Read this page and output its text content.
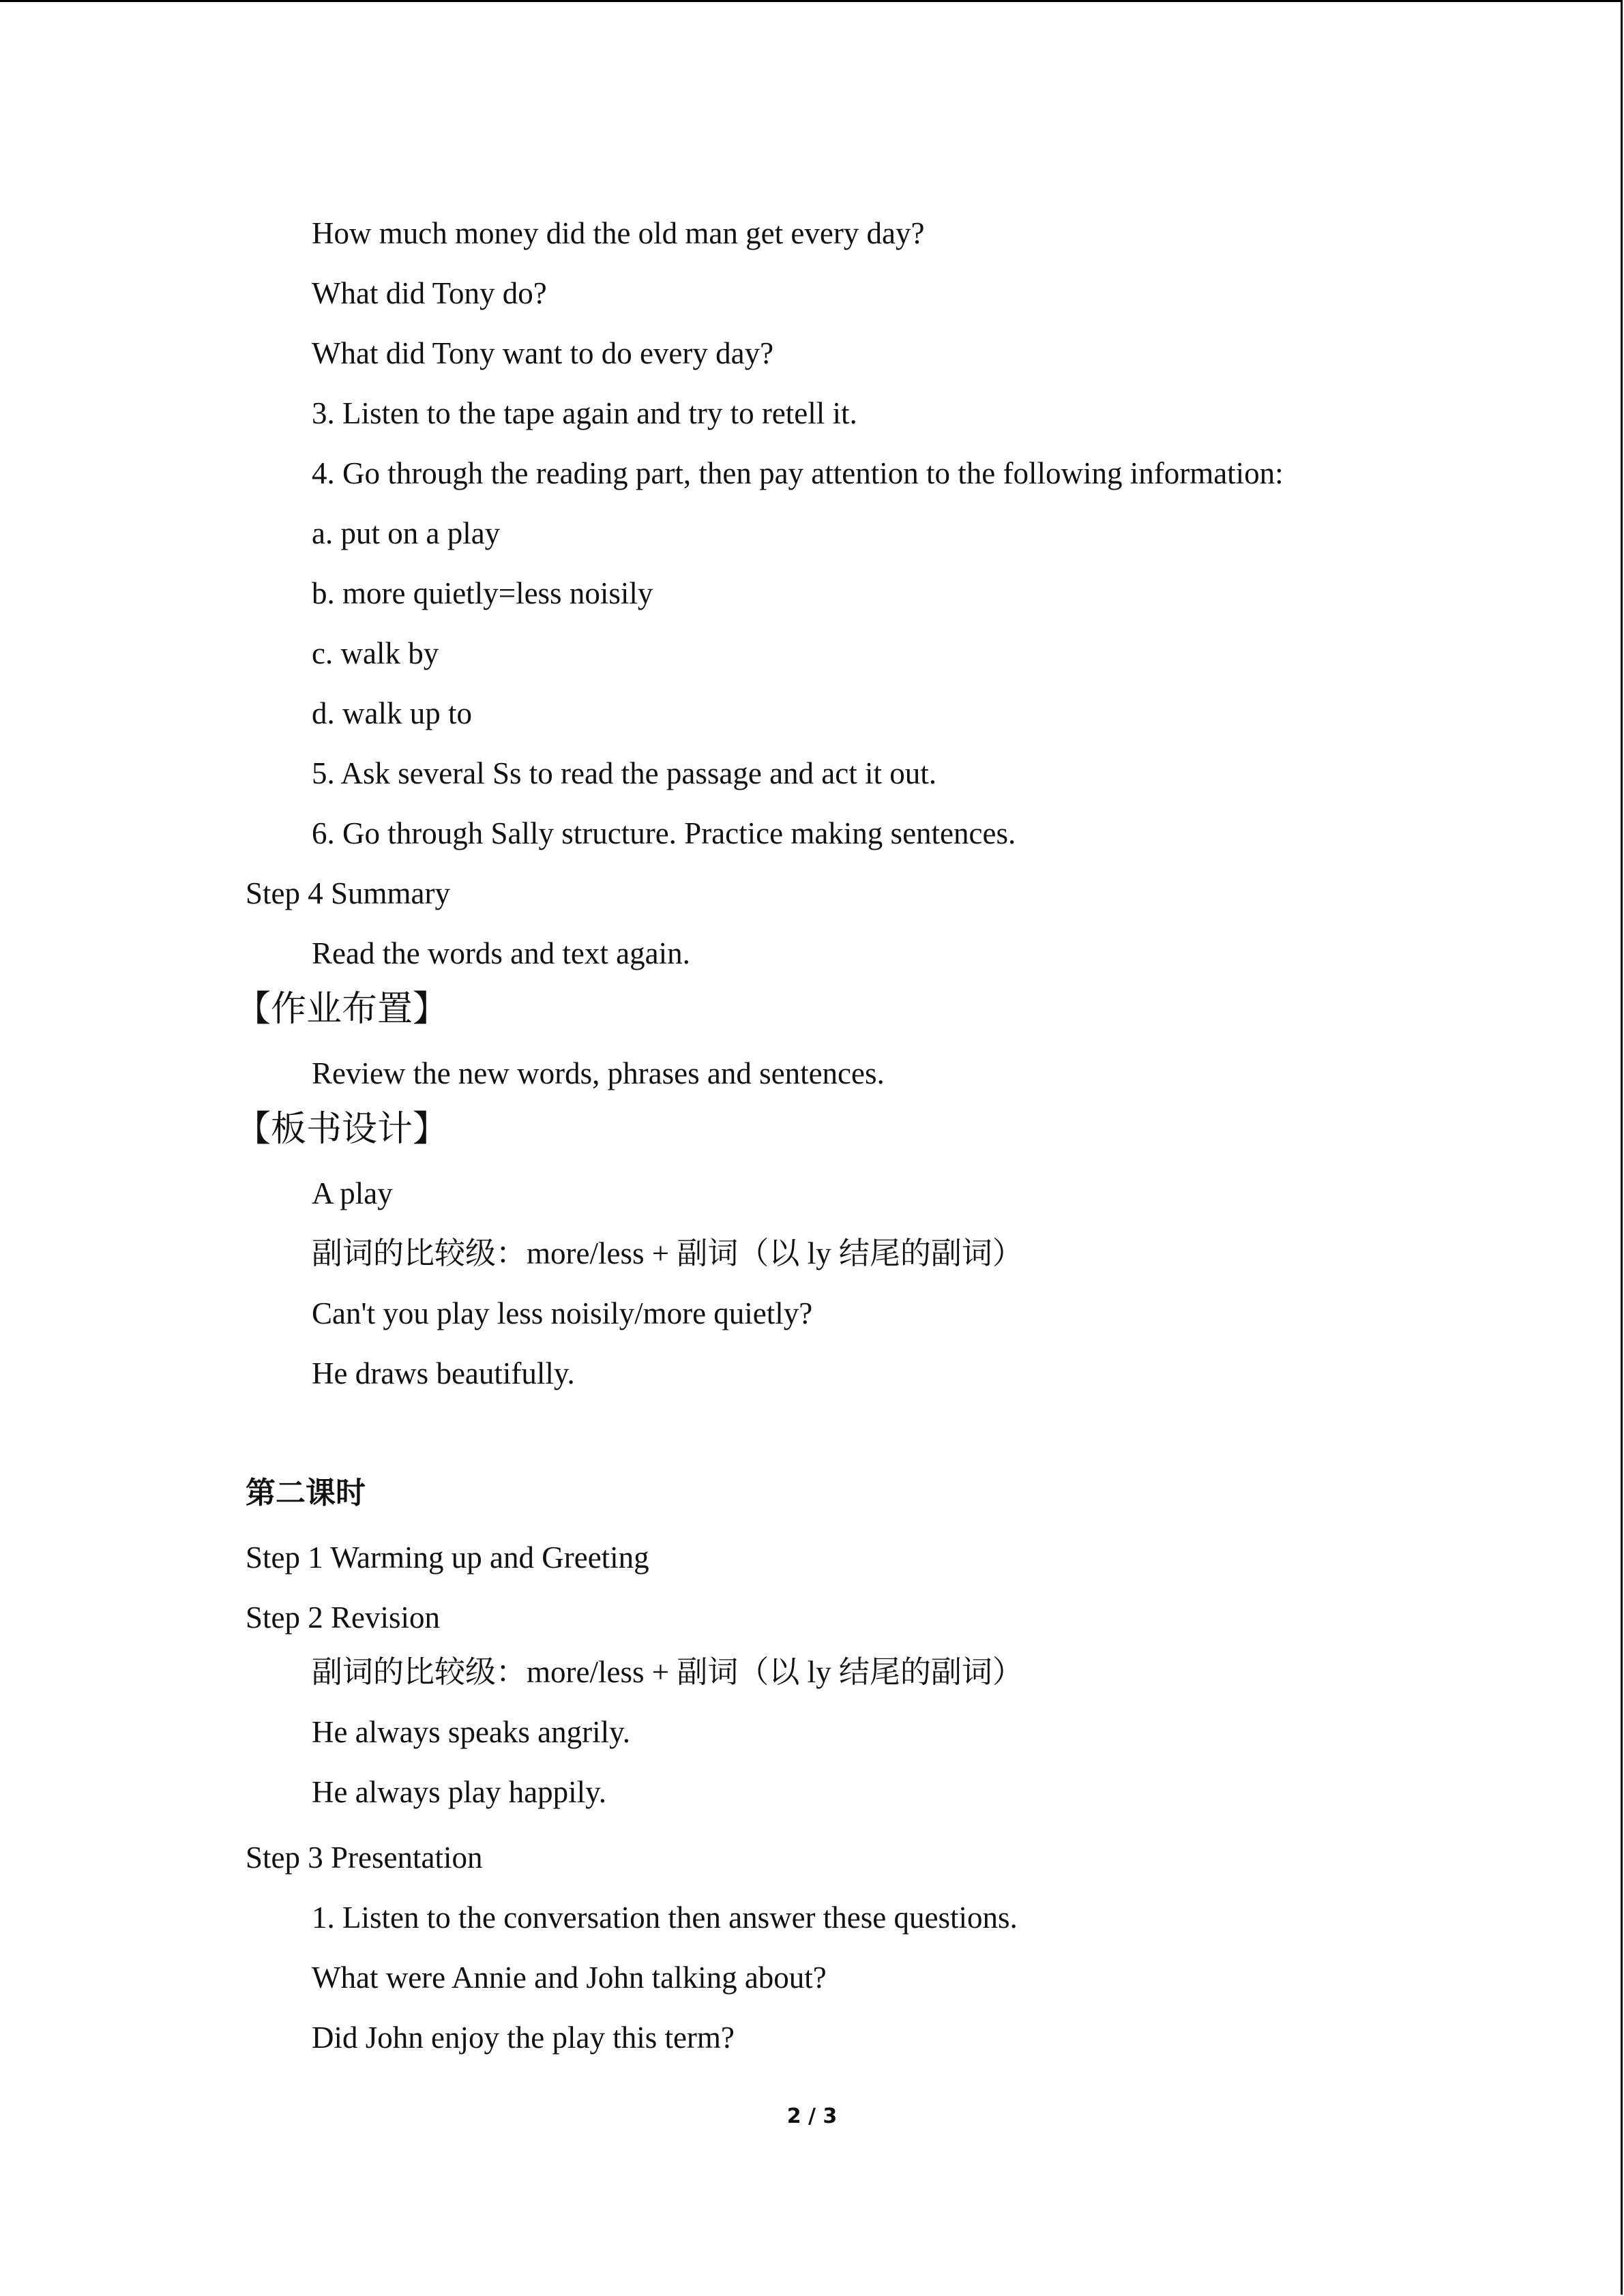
How much money did the old man get every day?
What did Tony do?
What did Tony want to do every day?
3. Listen to the tape again and try to retell it.
4. Go through the reading part, then pay attention to the following information:
a. put on a play
b. more quietly=less noisily
c. walk by
d. walk up to
5. Ask several Ss to read the passage and act it out.
6. Go through Sally structure. Practice making sentences.
Step 4 Summary
Read the words and text again.
【作业布置】
Review the new words, phrases and sentences.
【板书设计】
A play
副词的比较级：more/less + 副词（以 ly 结尾的副词）
Can't you play less noisily/more quietly?
He draws beautifully.
第二课时
Step 1 Warming up and Greeting
Step 2 Revision
副词的比较级：more/less + 副词（以 ly 结尾的副词）
He always speaks angrily.
He always play happily.
Step 3 Presentation
1. Listen to the conversation then answer these questions.
What were Annie and John talking about?
Did John enjoy the play this term?
2 / 3
